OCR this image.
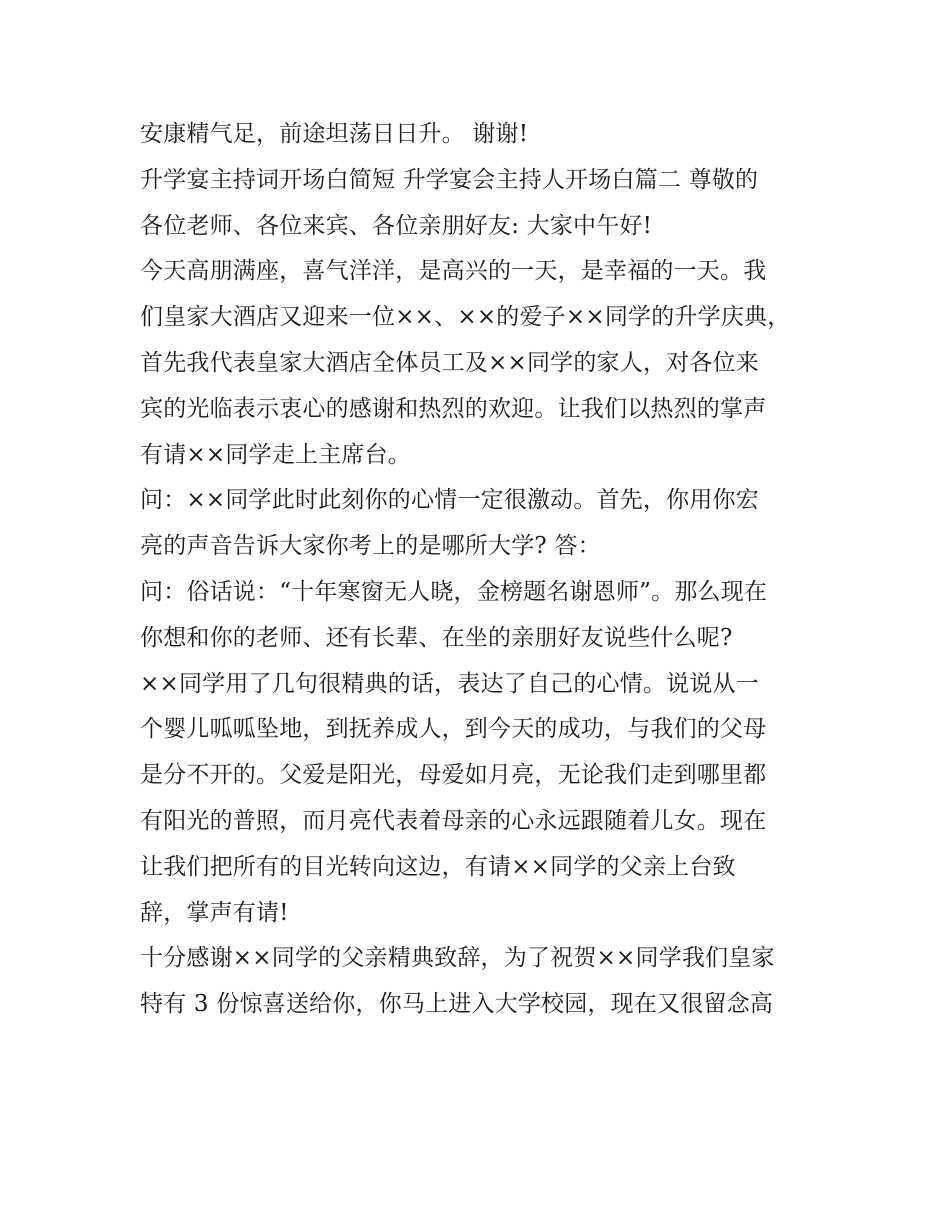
安康精气足，前途坦荡日日升。 谢谢!
升学宴主持词开场白简短 升学宴会主持人开场白篇二 尊敬的
各位老师、各位来宾、各位亲朋好友: 大家中午好!
今天高朋满座，喜气洋洋，是高兴的一天，是幸福的一天。我
们皇家大酒店又迎来一位××、××的爱子××同学的升学庆典，
首先我代表皇家大酒店全体员工及××同学的家人，对各位来
宾的光临表示衷心的感谢和热烈的欢迎。让我们以热烈的掌声
有请××同学走上主席台。
问：××同学此时此刻你的心情一定很激动。首先，你用你宏
亮的声音告诉大家你考上的是哪所大学? 答：
问：俗话说：“十年寒窗无人晓，金榜题名谢恩师”。那么现在
你想和你的老师、还有长辈、在坐的亲朋好友说些什么呢?
××同学用了几句很精典的话，表达了自己的心情。说说从一
个婴儿呱呱坠地，到抚养成人，到今天的成功，与我们的父母
是分不开的。父爱是阳光，母爱如月亮，无论我们走到哪里都
有阳光的普照，而月亮代表着母亲的心永远跟随着儿女。现在
让我们把所有的目光转向这边，有请××同学的父亲上台致
辞，掌声有请!
十分感谢××同学的父亲精典致辞，为了祝贺××同学我们皇家
特有 3 份惊喜送给你，你马上进入大学校园，现在又很留念高
